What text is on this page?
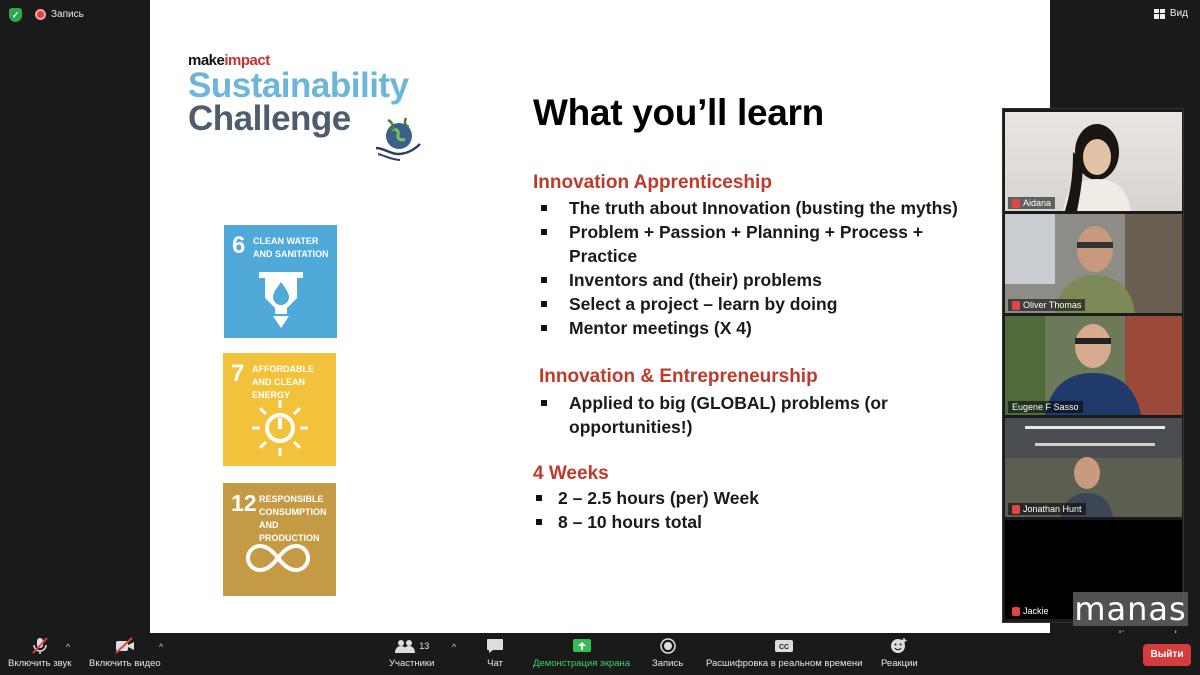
✓	Запись	Вид
makeimpact
Sustainability
Challenge
6 CLEAN WATER AND SANITATION
7 AFFORDABLE AND CLEAN ENERGY
12 RESPONSIBLE CONSUMPTION AND PRODUCTION
What you’ll learn
Innovation Apprenticeship
The truth about Innovation (busting the myths)
Problem + Passion + Planning + Process +
Practice
Inventors and (their) problems
Select a project – learn by doing
Mentor meetings (X 4)
Innovation & Entrepreneurship
Applied to big (GLOBAL) problems (or
opportunities!)
4 Weeks
2 – 2.5 hours (per) Week
8 – 10 hours total
Aidana
Oliver Thomas
Eugene F Sasso
Jonathan Hunt
Jackie manas
Включить звук
^
Включить видео
^	13
Участники
^
Чат	Демонстрация экрана Запись
CC
Расшифровка в реальном времени Реакции
Выйти
